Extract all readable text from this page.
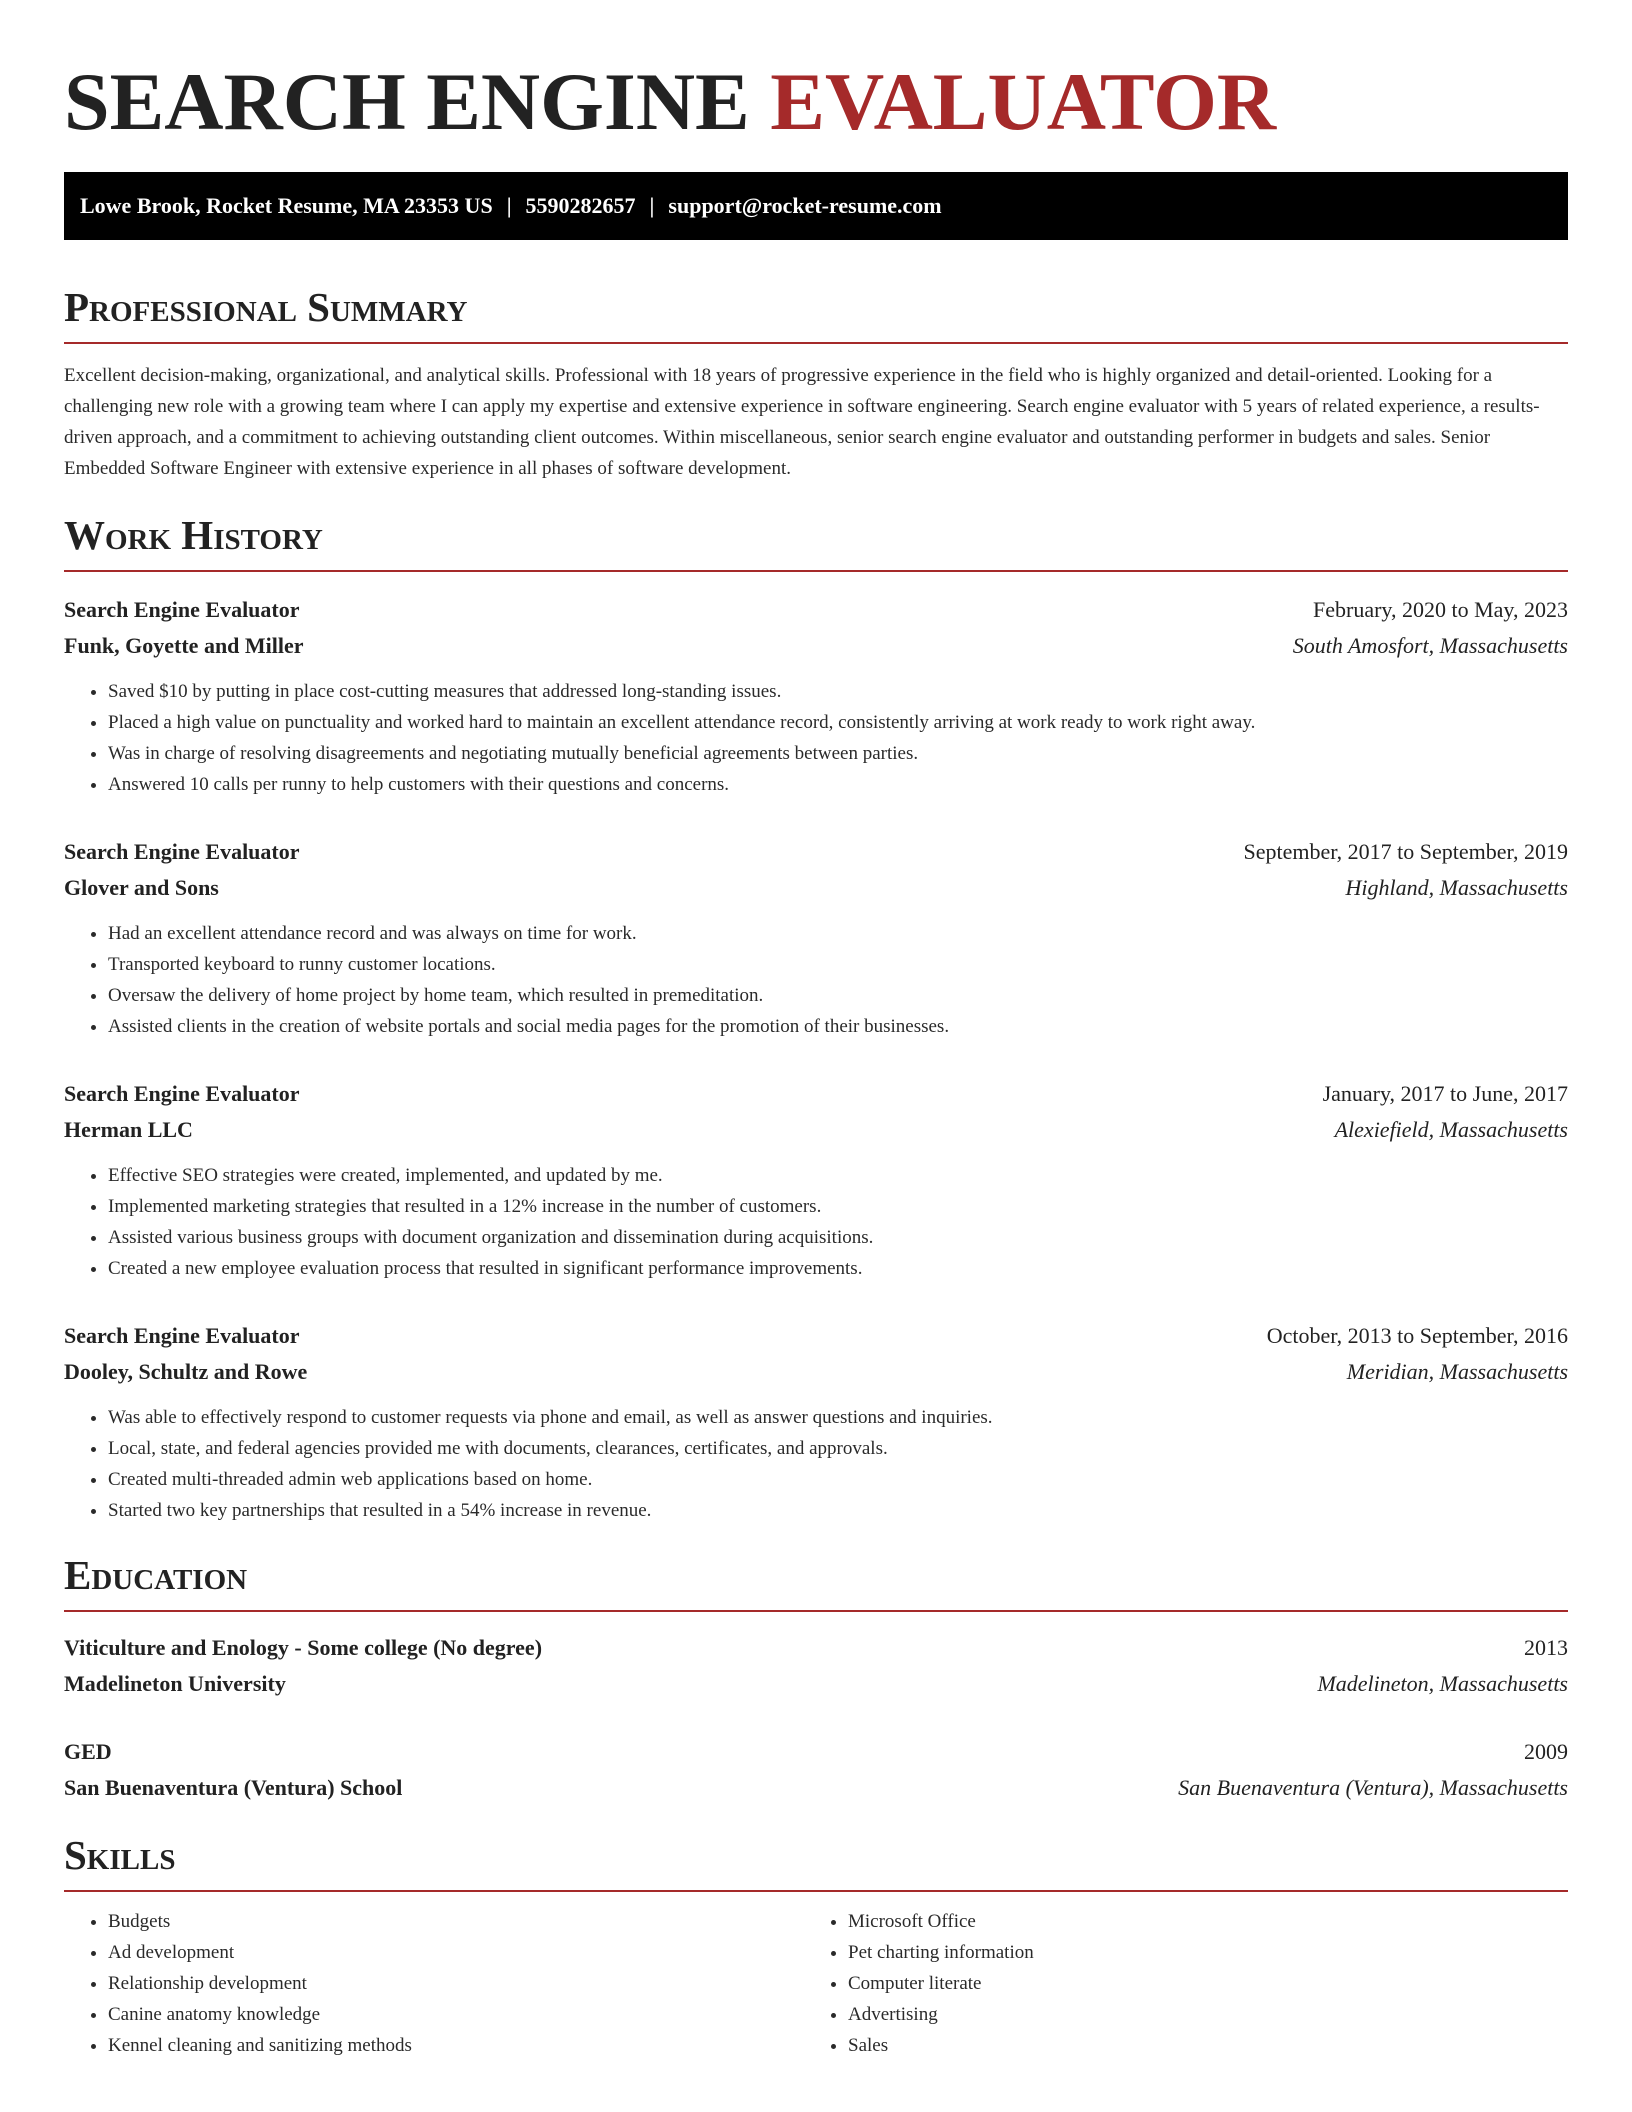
SEARCH ENGINE EVALUATOR
Lowe Brook, Rocket Resume, MA 23353 US | 5590282657 | support@rocket-resume.com
Professional Summary

Excellent decision-making, organizational, and analytical skills. Professional with 18 years of progressive experience in the field who is highly organized and detail-oriented. Looking for a challenging new role with a growing team where I can apply my expertise and extensive experience in software engineering. Search engine evaluator with 5 years of related experience, a results-driven approach, and a commitment to achieving outstanding client outcomes. Within miscellaneous, senior search engine evaluator and outstanding performer in budgets and sales. Senior Embedded Software Engineer with extensive experience in all phases of software development.

Work History
Search Engine Evaluator	February, 2020 to May, 2023
Funk, Goyette and Miller	South Amosfort, Massachusetts
• Saved $10 by putting in place cost-cutting measures that addressed long-standing issues.
• Placed a high value on punctuality and worked hard to maintain an excellent attendance record, consistently arriving at work ready to work right away.
• Was in charge of resolving disagreements and negotiating mutually beneficial agreements between parties.
• Answered 10 calls per runny to help customers with their questions and concerns.
Search Engine Evaluator	September, 2017 to September, 2019
Glover and Sons	Highland, Massachusetts
• Had an excellent attendance record and was always on time for work.
• Transported keyboard to runny customer locations.
• Oversaw the delivery of home project by home team, which resulted in premeditation.
• Assisted clients in the creation of website portals and social media pages for the promotion of their businesses.
Search Engine Evaluator	January, 2017 to June, 2017
Herman LLC	Alexiefield, Massachusetts
• Effective SEO strategies were created, implemented, and updated by me.
• Implemented marketing strategies that resulted in a 12% increase in the number of customers.
• Assisted various business groups with document organization and dissemination during acquisitions.
• Created a new employee evaluation process that resulted in significant performance improvements.
Search Engine Evaluator	October, 2013 to September, 2016
Dooley, Schultz and Rowe	Meridian, Massachusetts
• Was able to effectively respond to customer requests via phone and email, as well as answer questions and inquiries.
• Local, state, and federal agencies provided me with documents, clearances, certificates, and approvals.
• Created multi-threaded admin web applications based on home.
• Started two key partnerships that resulted in a 54% increase in revenue.
Education
Viticulture and Enology - Some college (No degree)	2013
Madelineton University	Madelineton, Massachusetts
GED	2009
San Buenaventura (Ventura) School	San Buenaventura (Ventura), Massachusetts
Skills
• Budgets
• Ad development
• Relationship development
• Canine anatomy knowledge
• Kennel cleaning and sanitizing methods
• Microsoft Office
• Pet charting information
• Computer literate
• Advertising
• Sales
